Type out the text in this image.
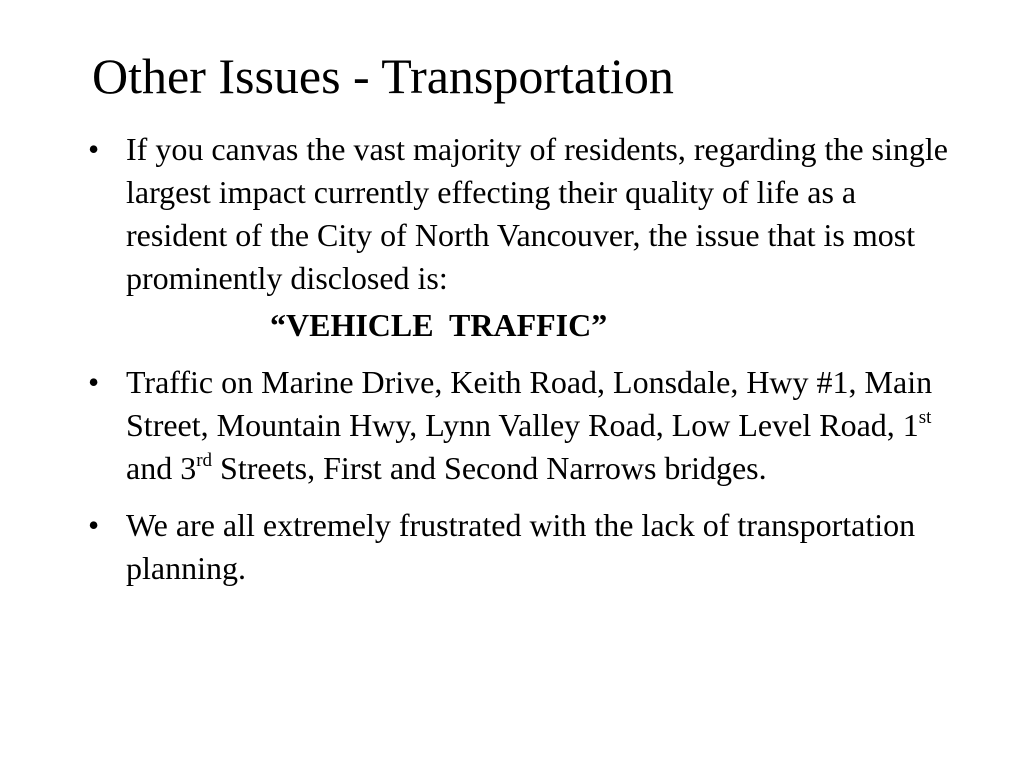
Other Issues - Transportation
• If you canvas the vast majority of residents, regarding the single largest impact currently effecting their quality of life as a resident of the City of North Vancouver, the issue that is most prominently disclosed is:
“VEHICLE  TRAFFIC”
• Traffic on Marine Drive, Keith Road, Lonsdale, Hwy #1, Main Street, Mountain Hwy, Lynn Valley Road, Low Level Road, 1st and 3rd Streets, First and Second Narrows bridges.
• We are all extremely frustrated with the lack of transportation planning.
